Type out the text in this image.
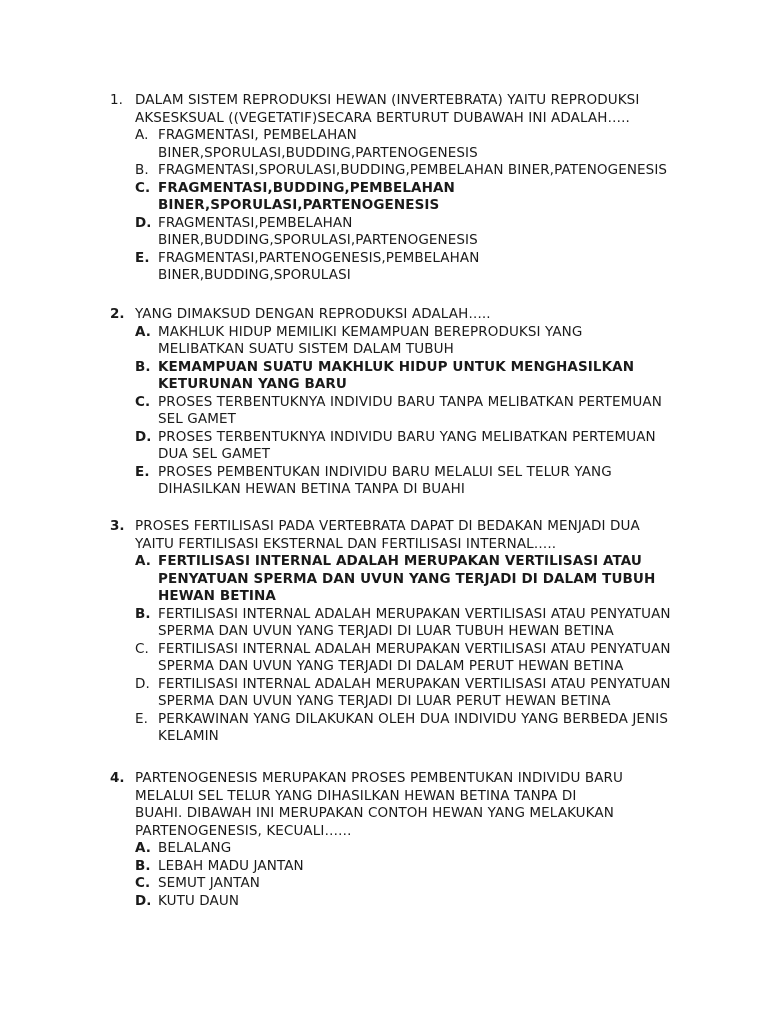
1. DALAM SISTEM REPRODUKSI HEWAN (INVERTEBRATA) YAITU REPRODUKSI AKSESKSUAL ((VEGETATIF)SECARA BERTURUT DUBAWAH INI ADALAH…..
A. FRAGMENTASI, PEMBELAHAN BINER,SPORULASI,BUDDING,PARTENOGENESIS
B. FRAGMENTASI,SPORULASI,BUDDING,PEMBELAHAN BINER,PATENOGENESIS
C. FRAGMENTASI,BUDDING,PEMBELAHAN BINER,SPORULASI,PARTENOGENESIS
D. FRAGMENTASI,PEMBELAHAN BINER,BUDDING,SPORULASI,PARTENOGENESIS
E. FRAGMENTASI,PARTENOGENESIS,PEMBELAHAN BINER,BUDDING,SPORULASI
2. YANG DIMAKSUD DENGAN REPRODUKSI ADALAH…..
A. MAKHLUK HIDUP MEMILIKI KEMAMPUAN BEREPRODUKSI YANG MELIBATKAN SUATU SISTEM DALAM TUBUH
B. KEMAMPUAN SUATU MAKHLUK HIDUP UNTUK MENGHASILKAN KETURUNAN YANG BARU
C. PROSES TERBENTUKNYA INDIVIDU BARU TANPA MELIBATKAN PERTEMUAN SEL GAMET
D. PROSES TERBENTUKNYA INDIVIDU BARU YANG MELIBATKAN PERTEMUAN DUA SEL GAMET
E. PROSES PEMBENTUKAN INDIVIDU BARU MELALUI SEL TELUR YANG DIHASILKAN HEWAN BETINA TANPA DI BUAHI
3. PROSES FERTILISASI PADA VERTEBRATA DAPAT DI BEDAKAN MENJADI DUA YAITU FERTILISASI EKSTERNAL DAN FERTILISASI INTERNAL…..
A. FERTILISASI INTERNAL ADALAH MERUPAKAN VERTILISASI ATAU PENYATUAN SPERMA DAN UVUN YANG TERJADI DI DALAM TUBUH HEWAN BETINA
B. FERTILISASI INTERNAL ADALAH MERUPAKAN VERTILISASI ATAU PENYATUAN SPERMA DAN UVUN YANG TERJADI DI LUAR TUBUH HEWAN BETINA
C. FERTILISASI INTERNAL ADALAH MERUPAKAN VERTILISASI ATAU PENYATUAN SPERMA DAN UVUN YANG TERJADI DI DALAM PERUT HEWAN BETINA
D. FERTILISASI INTERNAL ADALAH MERUPAKAN VERTILISASI ATAU PENYATUAN SPERMA DAN UVUN YANG TERJADI DI LUAR PERUT HEWAN BETINA
E. PERKAWINAN YANG DILAKUKAN OLEH DUA INDIVIDU YANG BERBEDA JENIS KELAMIN
4. PARTENOGENESIS MERUPAKAN PROSES PEMBENTUKAN INDIVIDU BARU MELALUI SEL TELUR YANG DIHASILKAN HEWAN BETINA TANPA DI BUAHI. DIBAWAH INI MERUPAKAN CONTOH HEWAN YANG MELAKUKAN PARTENOGENESIS, KECUALI……
A. BELALANG
B. LEBAH MADU JANTAN
C. SEMUT JANTAN
D. KUTU DAUN
